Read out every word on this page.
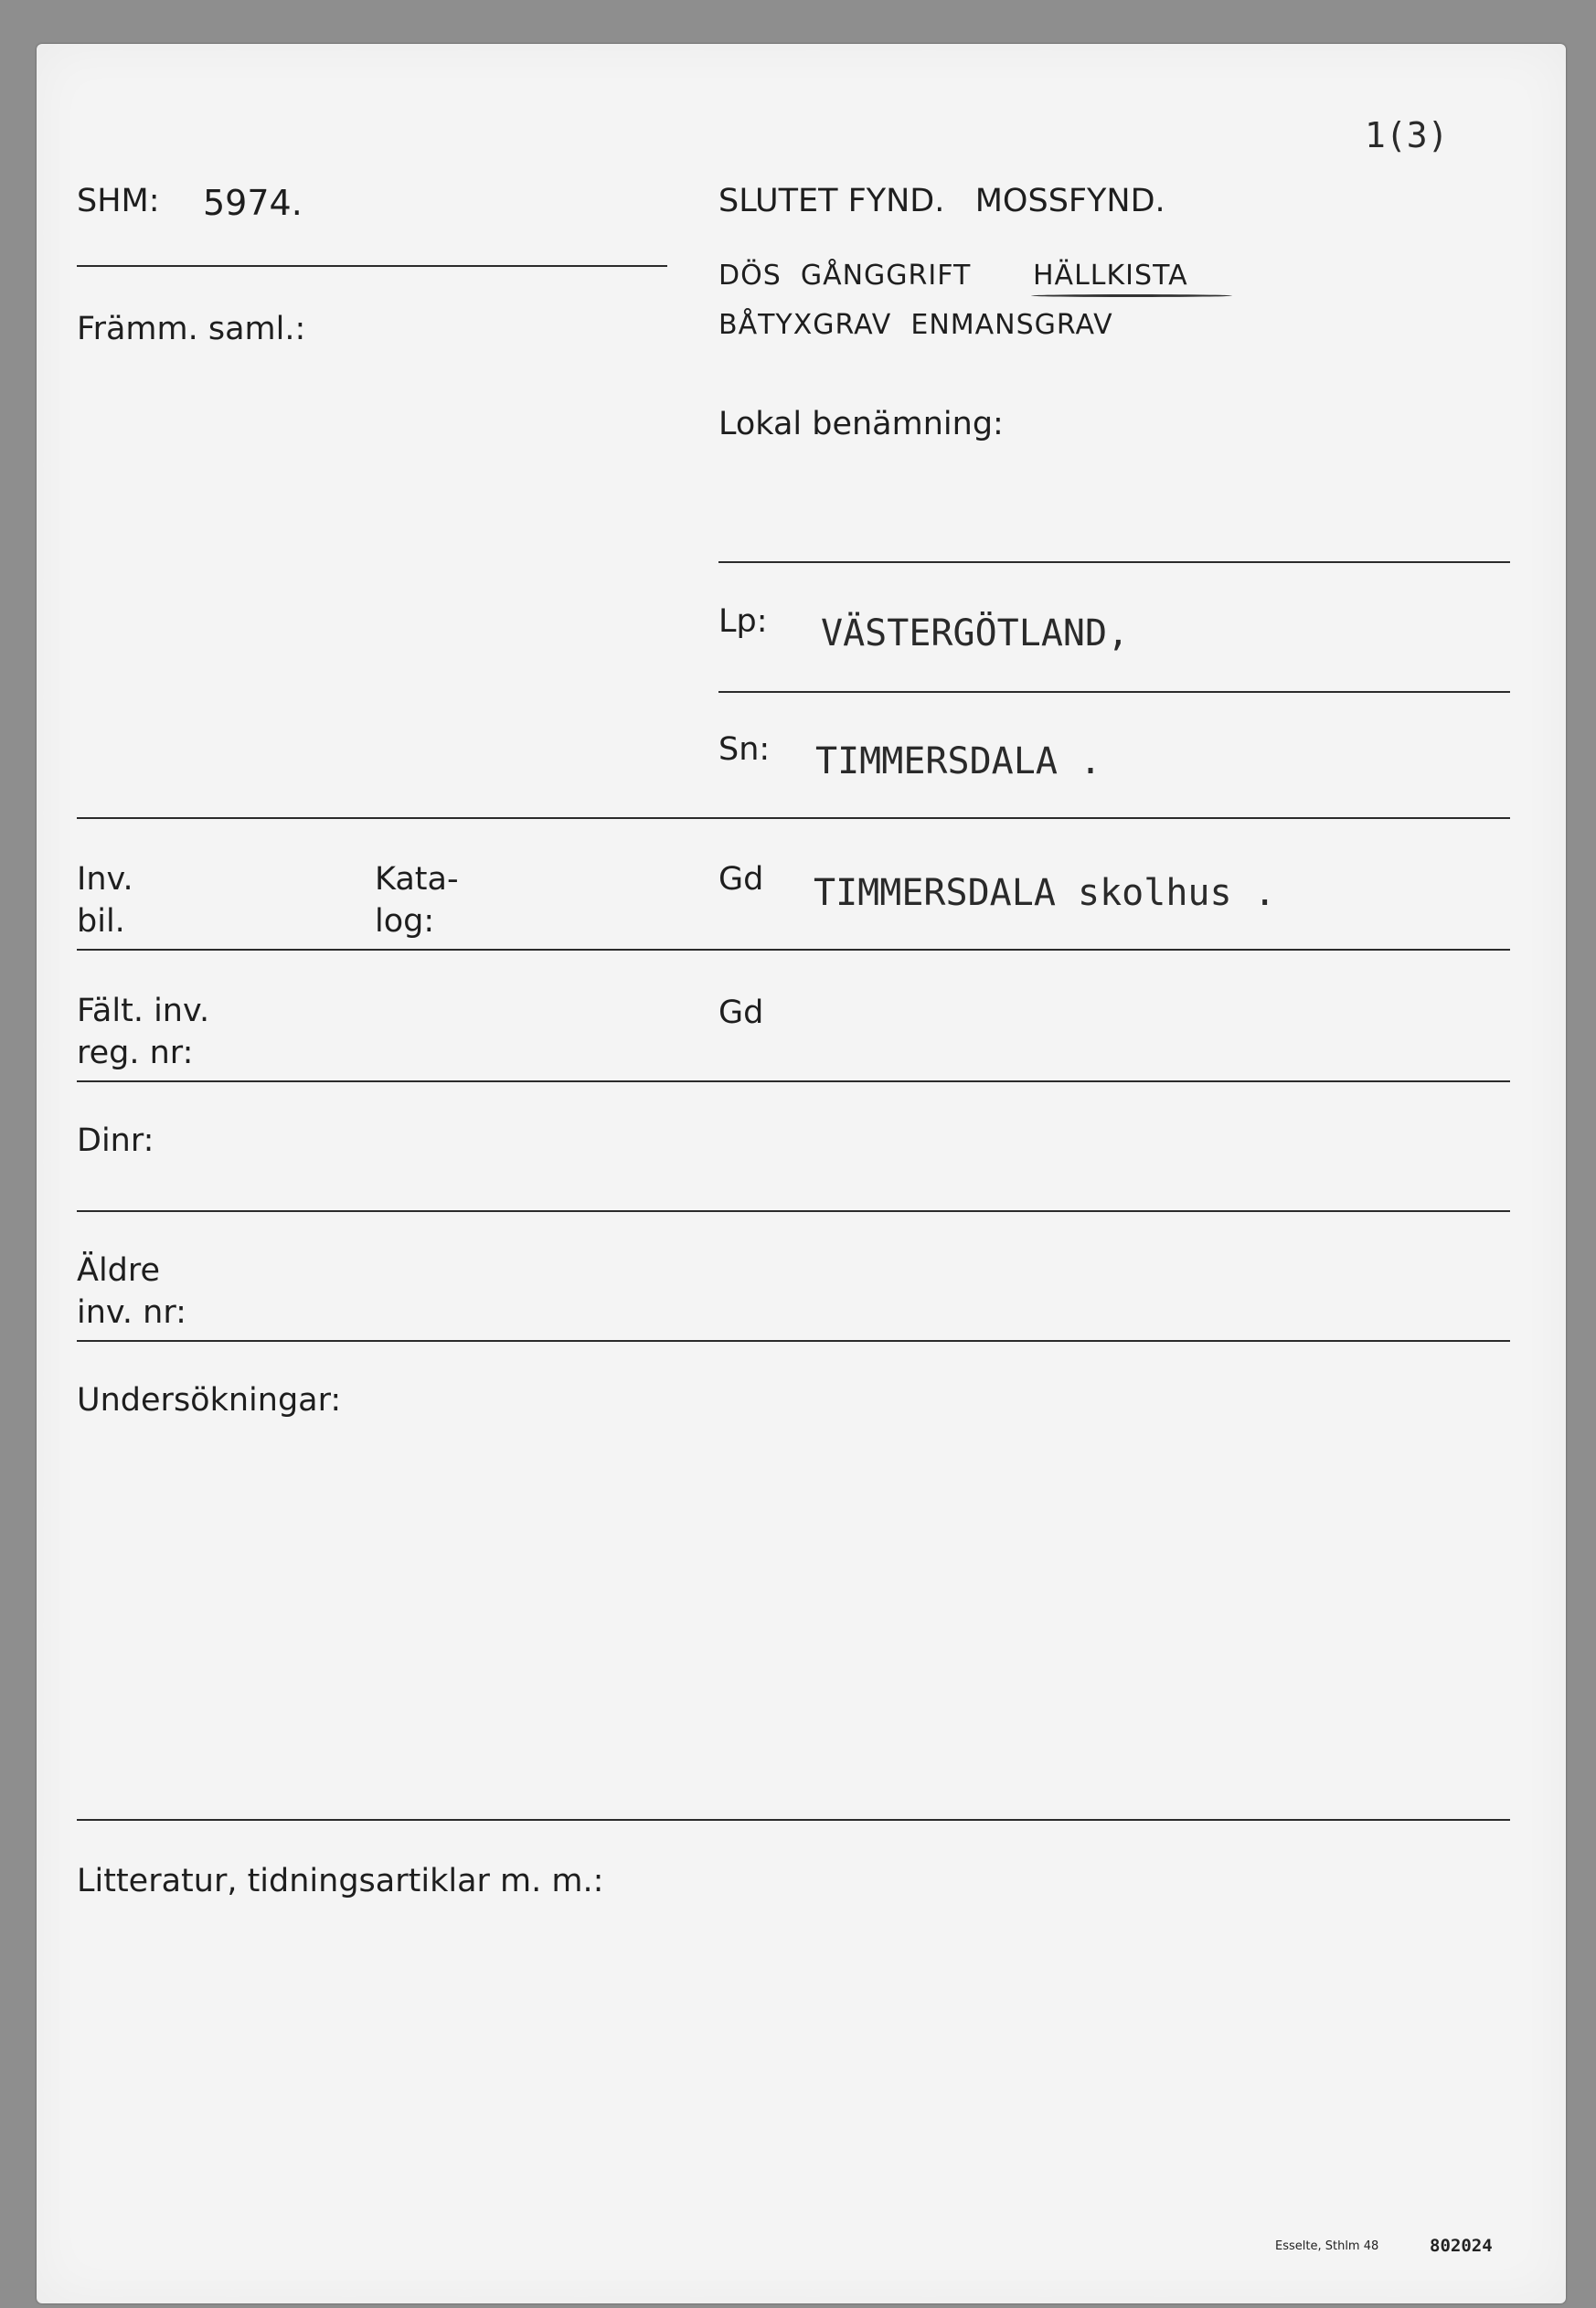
1(3)
SHM: 5974.	SLUTET FYND.   MOSSFYND.
DÖS  GÅNGGRIFT HÄLLKISTA
BÅTYXGRAV  ENMANSGRAV
Främm. saml.:
Lokal benämning:
Lp: VÄSTERGÖTLAND,
Sn: TIMMERSDALA .
Inv.
bil.
Kata-
log:
Gd TIMMERSDALA skolhus .
Fält. inv.
reg. nr:
Gd
Dinr:
Äldre
inv. nr:
Undersökningar:
Litteratur, tidningsartiklar m. m.:
Esselte, Sthlm 48	802024
